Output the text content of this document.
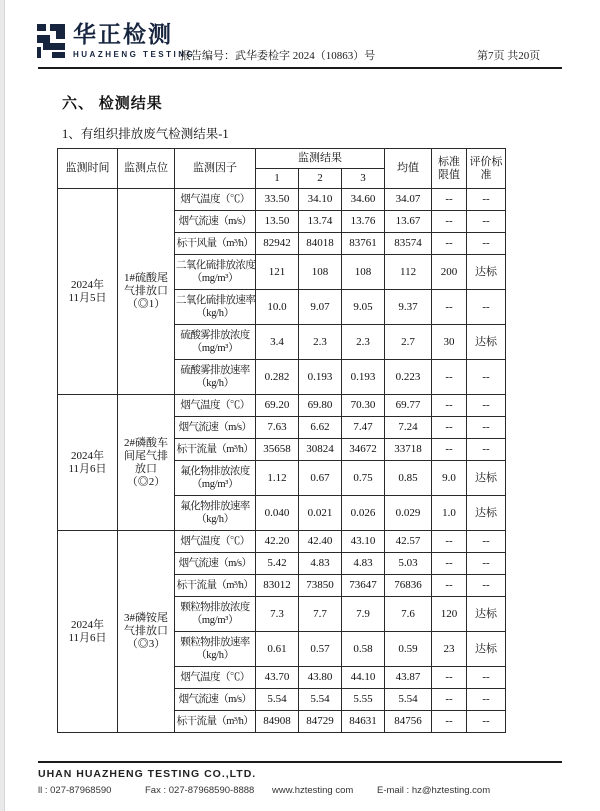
华正检测
HUAZHENG TESTING
报告编号：武华委检字 2024（10863）号	第7页 共20页
六、 检测结果
1、有组织排放废气检测结果-1
监测时间	监测点位	监测因子	监测结果			均值	标准限值	评价标准
			1	2	3			

2024年
11月5日	1#硫酸尾气排放口（◎1）	烟气温度（℃）	33.50	34.10	34.60	34.07	--	--

		烟气流速（m/s）	13.50	13.74	13.76	13.67	--	--

		标干风量（m³/h）	82942	84018	83761	83574	--	--

		二氧化硫排放浓度
（mg/m³）	121	108	108	112	200	达标

		二氧化硫排放速率
（kg/h）	10.0	9.07	9.05	9.37	--	--

		硫酸雾排放浓度
（mg/m³）	3.4	2.3	2.3	2.7	30	达标

		硫酸雾排放速率
（kg/h）	0.282	0.193	0.193	0.223	--	--

2024年
11月6日	2#磷酸车间尾气排放口（◎2）	烟气温度（℃）	69.20	69.80	70.30	69.77	--	--

		烟气流速（m/s）	7.63	6.62	7.47	7.24	--	--

		标干流量（m³/h）	35658	30824	34672	33718	--	--

		氟化物排放浓度
（mg/m³）	1.12	0.67	0.75	0.85	9.0	达标

		氟化物排放速率
（kg/h）	0.040	0.021	0.026	0.029	1.0	达标

2024年
11月6日	3#磷铵尾气排放口（◎3）	烟气温度（℃）	42.20	42.40	43.10	42.57	--	--

		烟气流速（m/s）	5.42	4.83	4.83	5.03	--	--

		标干流量（m³/h）	83012	73850	73647	76836	--	--

		颗粒物排放浓度
（mg/m³）	7.3	7.7	7.9	7.6	120	达标

		颗粒物排放速率
（kg/h）	0.61	0.57	0.58	0.59	23	达标

		烟气温度（℃）	43.70	43.80	44.10	43.87	--	--

		烟气流速（m/s）	5.54	5.54	5.55	5.54	--	--

		标干流量（m³/h）	84908	84729	84631	84756	--	--
UHAN HUAZHENG TESTING CO.,LTD.
ll : 027-87968590	Fax : 027-87968590-8888	www.hztesting com	E-mail : hz@hztesting.com
